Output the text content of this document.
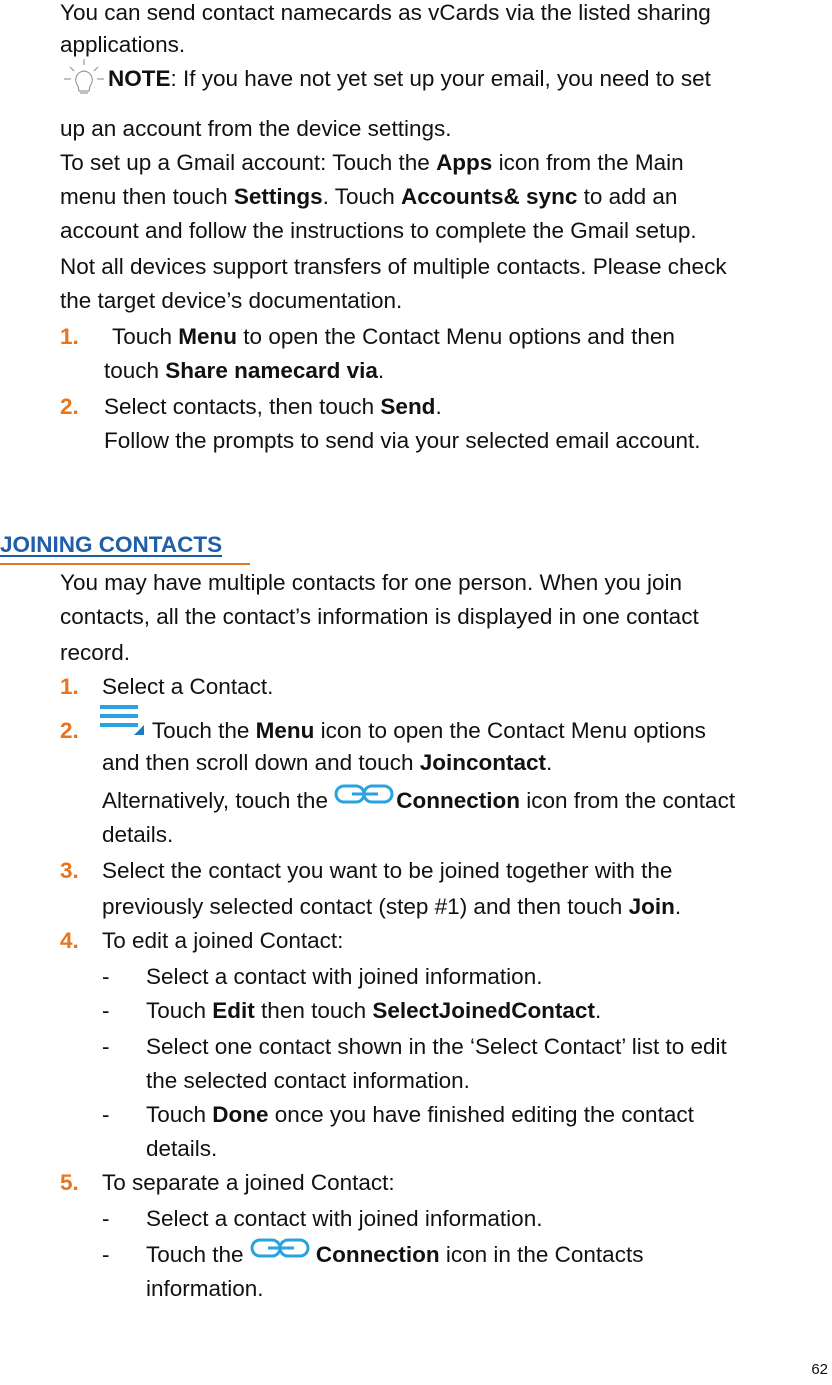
You can send contact namecards as vCards via the listed sharing
applications.
NOTE: If you have not yet set up your email, you need to set
up an account from the device settings.
To set up a Gmail account: Touch the Apps icon from the Main
menu then touch Settings. Touch Accounts& sync to add an
account and follow the instructions to complete the Gmail setup.
Not all devices support transfers of multiple contacts. Please check
the target device’s documentation.
1. Touch Menu to open the Contact Menu options and then
touch Share namecard via.
2. Select contacts, then touch Send.
Follow the prompts to send via your selected email account.
JOINING CONTACTS
You may have multiple contacts for one person. When you join
contacts, all the contact’s information is displayed in one contact
record.
1. Select a Contact.
2.	Touch the Menu icon to open the Contact Menu options
and then scroll down and touch Joincontact.
Alternatively, touch the	Connection icon from the contact
details.
3. Select the contact you want to be joined together with the
previously selected contact (step #1) and then touch Join.
4. To edit a joined Contact:
- Select a contact with joined information.
- Touch Edit then touch SelectJoinedContact.
- Select one contact shown in the ‘Select Contact’ list to edit
the selected contact information.
- Touch Done once you have finished editing the contact
details.
5. To separate a joined Contact:
- Select a contact with joined information.
- Touch the	Connection icon in the Contacts
information.
62
